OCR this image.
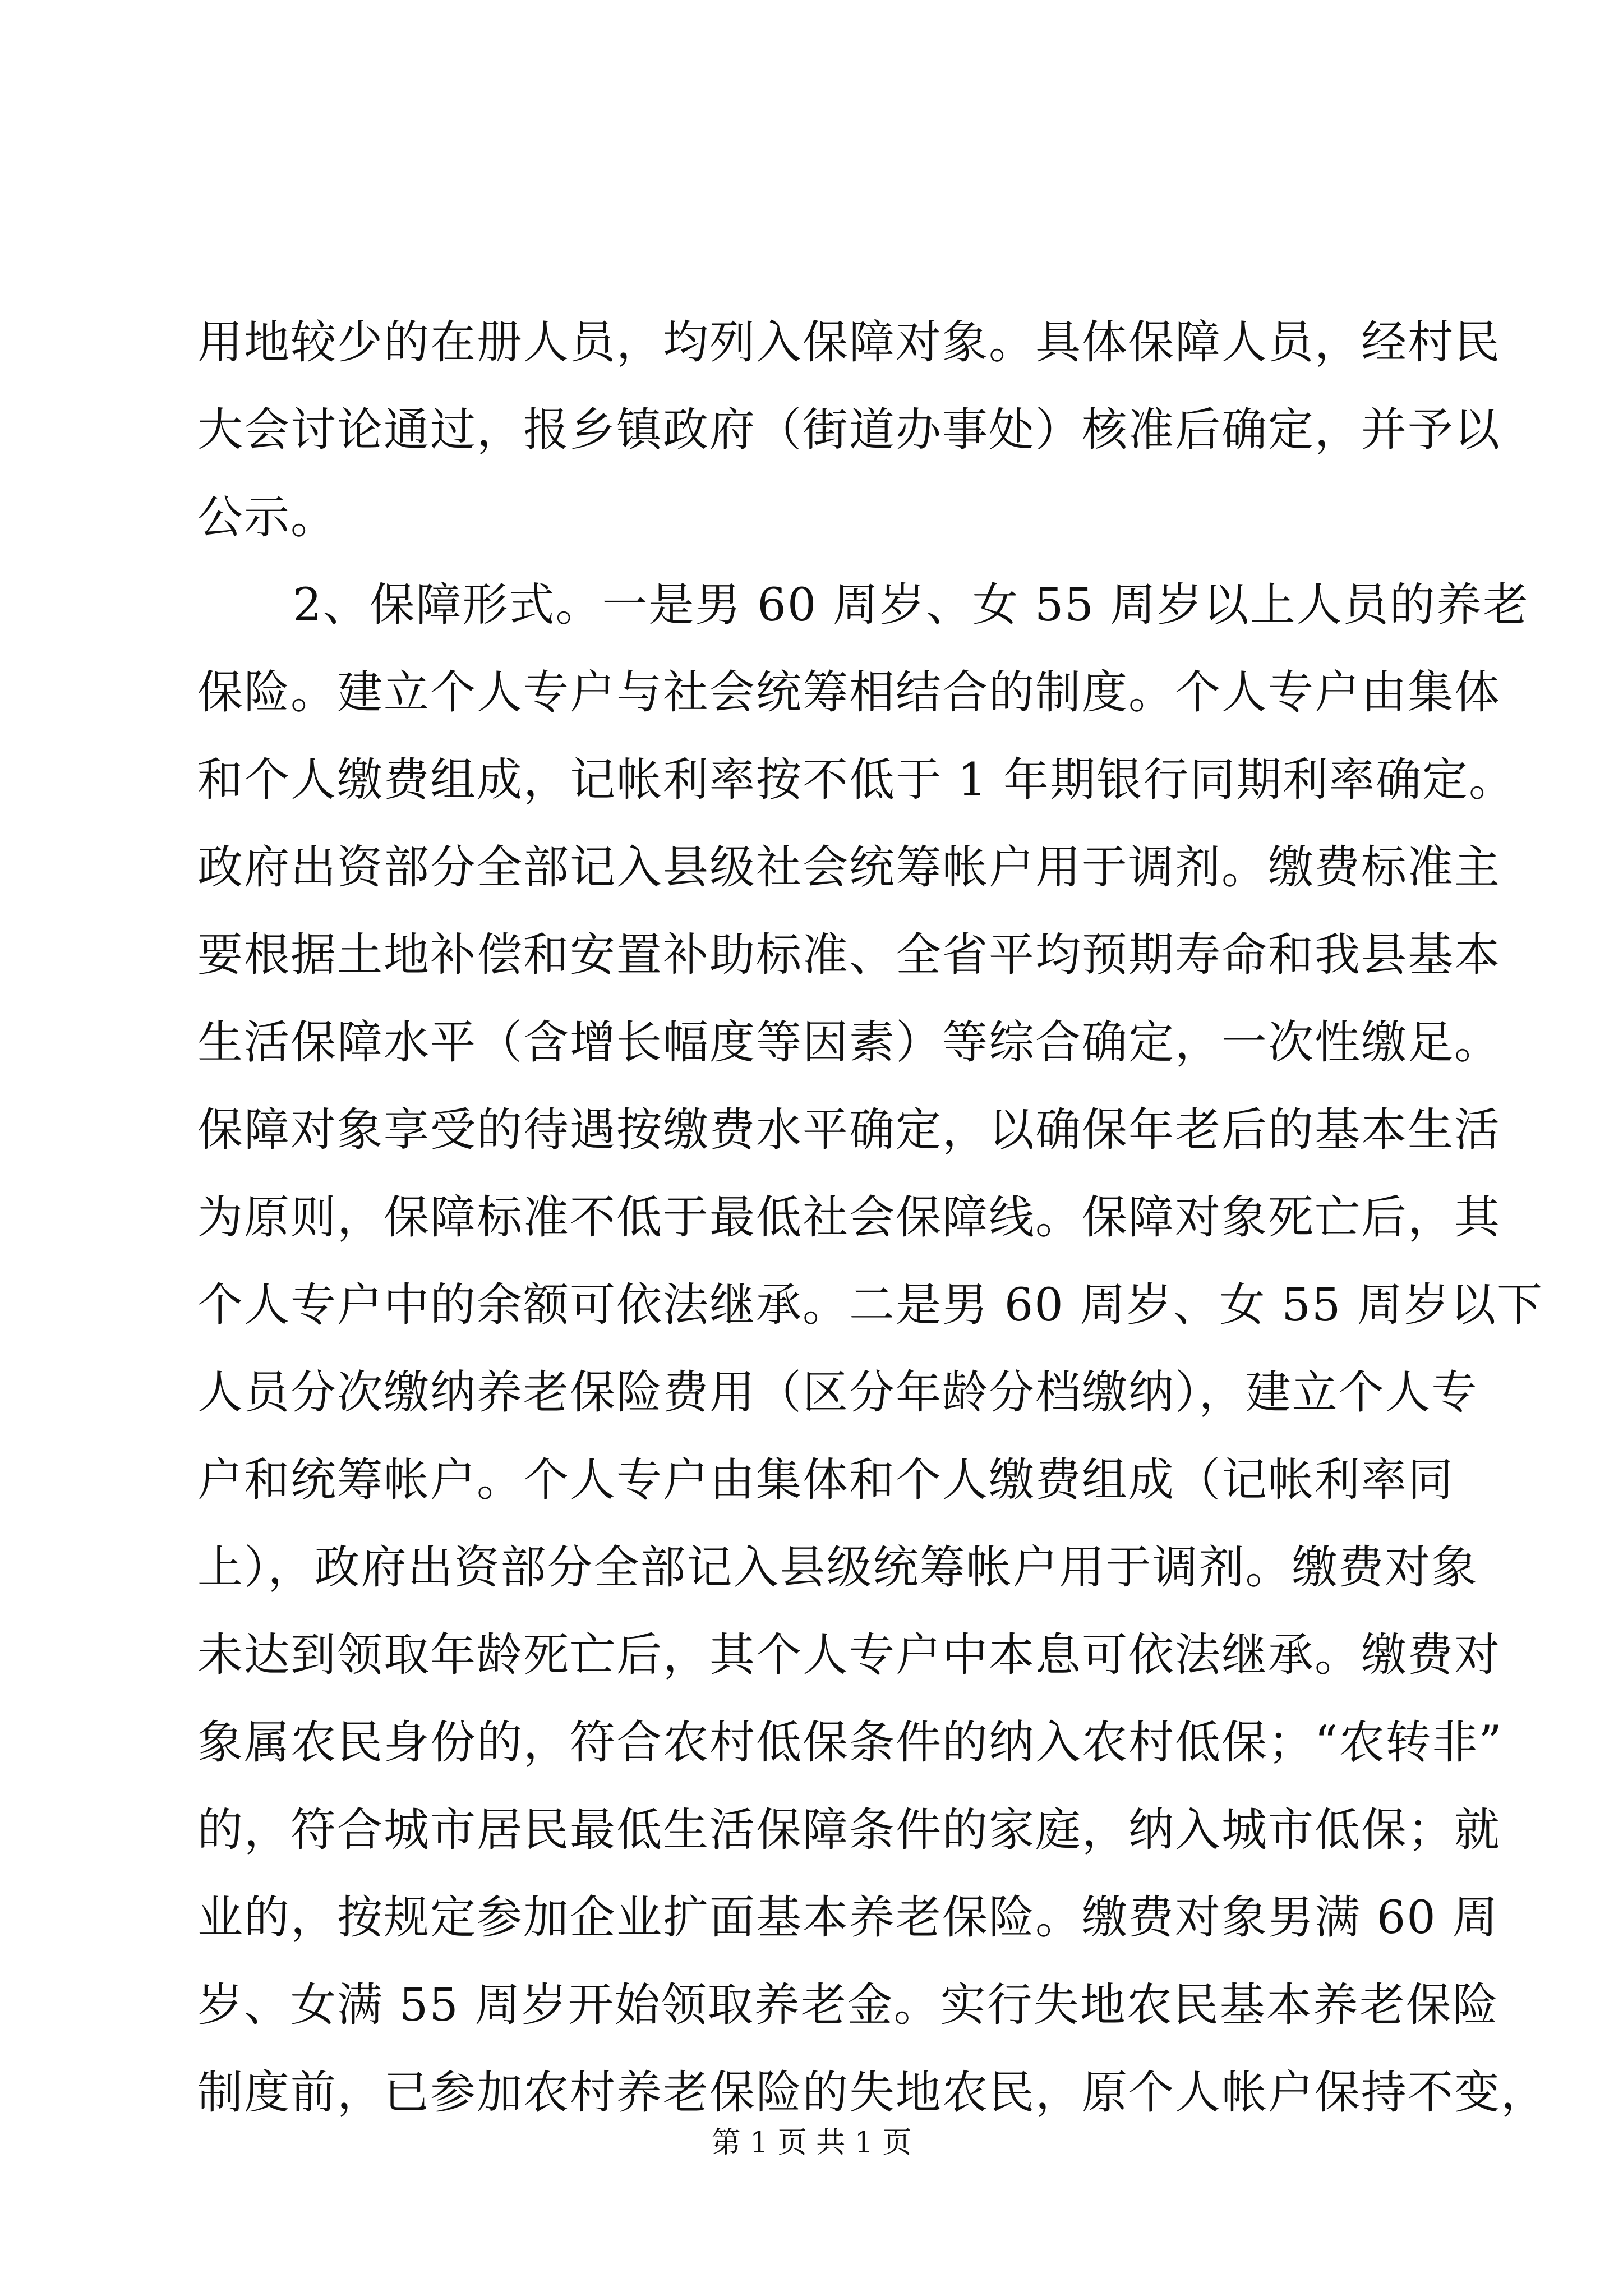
用地较少的在册人员，均列入保障对象。具体保障人员，经村民
大会讨论通过，报乡镇政府（街道办事处）核准后确定，并予以
公示。
2、保障形式。一是男 60 周岁、女 55 周岁以上人员的养老
保险。建立个人专户与社会统筹相结合的制度。个人专户由集体
和个人缴费组成，记帐利率按不低于 1 年期银行同期利率确定。
政府出资部分全部记入县级社会统筹帐户用于调剂。缴费标准主
要根据土地补偿和安置补助标准、全省平均预期寿命和我县基本
生活保障水平（含增长幅度等因素）等综合确定，一次性缴足。
保障对象享受的待遇按缴费水平确定，以确保年老后的基本生活
为原则，保障标准不低于最低社会保障线。保障对象死亡后，其
个人专户中的余额可依法继承。二是男 60 周岁、女 55 周岁以下
人员分次缴纳养老保险费用（区分年龄分档缴纳），建立个人专
户和统筹帐户。个人专户由集体和个人缴费组成（记帐利率同
上），政府出资部分全部记入县级统筹帐户用于调剂。缴费对象
未达到领取年龄死亡后，其个人专户中本息可依法继承。缴费对
象属农民身份的，符合农村低保条件的纳入农村低保；“农转非”
的，符合城市居民最低生活保障条件的家庭，纳入城市低保；就
业的，按规定参加企业扩面基本养老保险。缴费对象男满 60 周
岁、女满 55 周岁开始领取养老金。实行失地农民基本养老保险
制度前，已参加农村养老保险的失地农民，原个人帐户保持不变，
第 1 页 共 1 页
